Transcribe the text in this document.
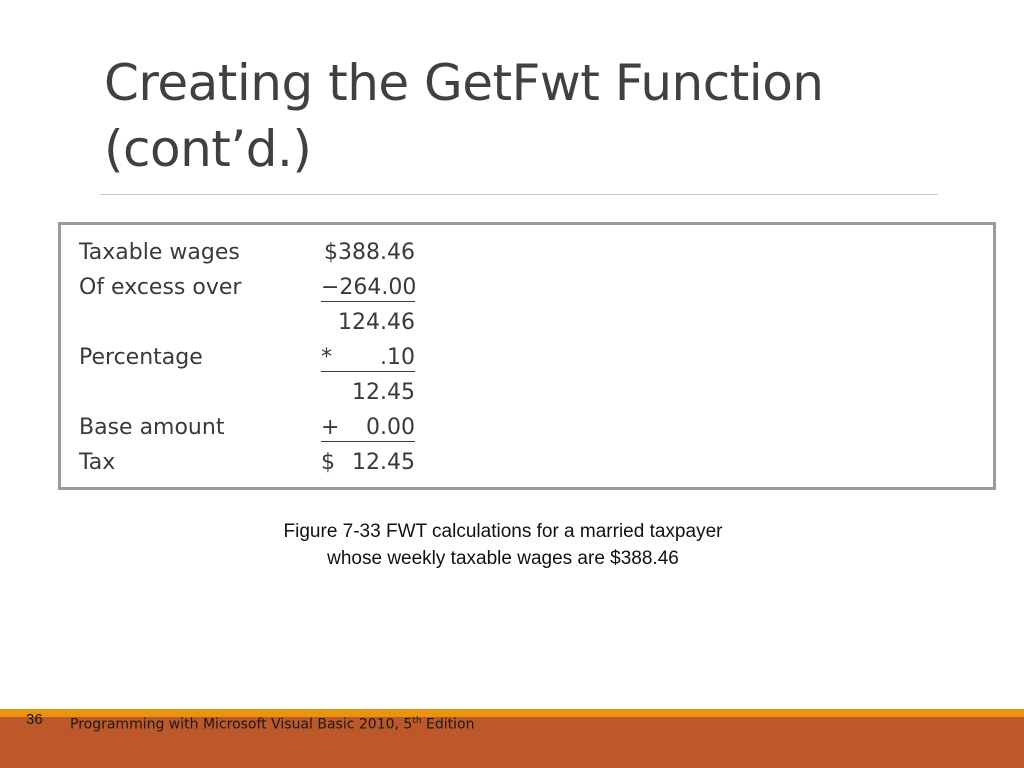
Creating the GetFwt Function
(cont’d.)
Taxable wages	$388.46

Of excess over	−264.00

	124.46

Percentage	* .10

	12.45

Base amount	+ 0.00

Tax	$ 12.45
Figure 7-33 FWT calculations for a married taxpayer
whose weekly taxable wages are $388.46
36 Programming with Microsoft Visual Basic 2010, 5th Edition
